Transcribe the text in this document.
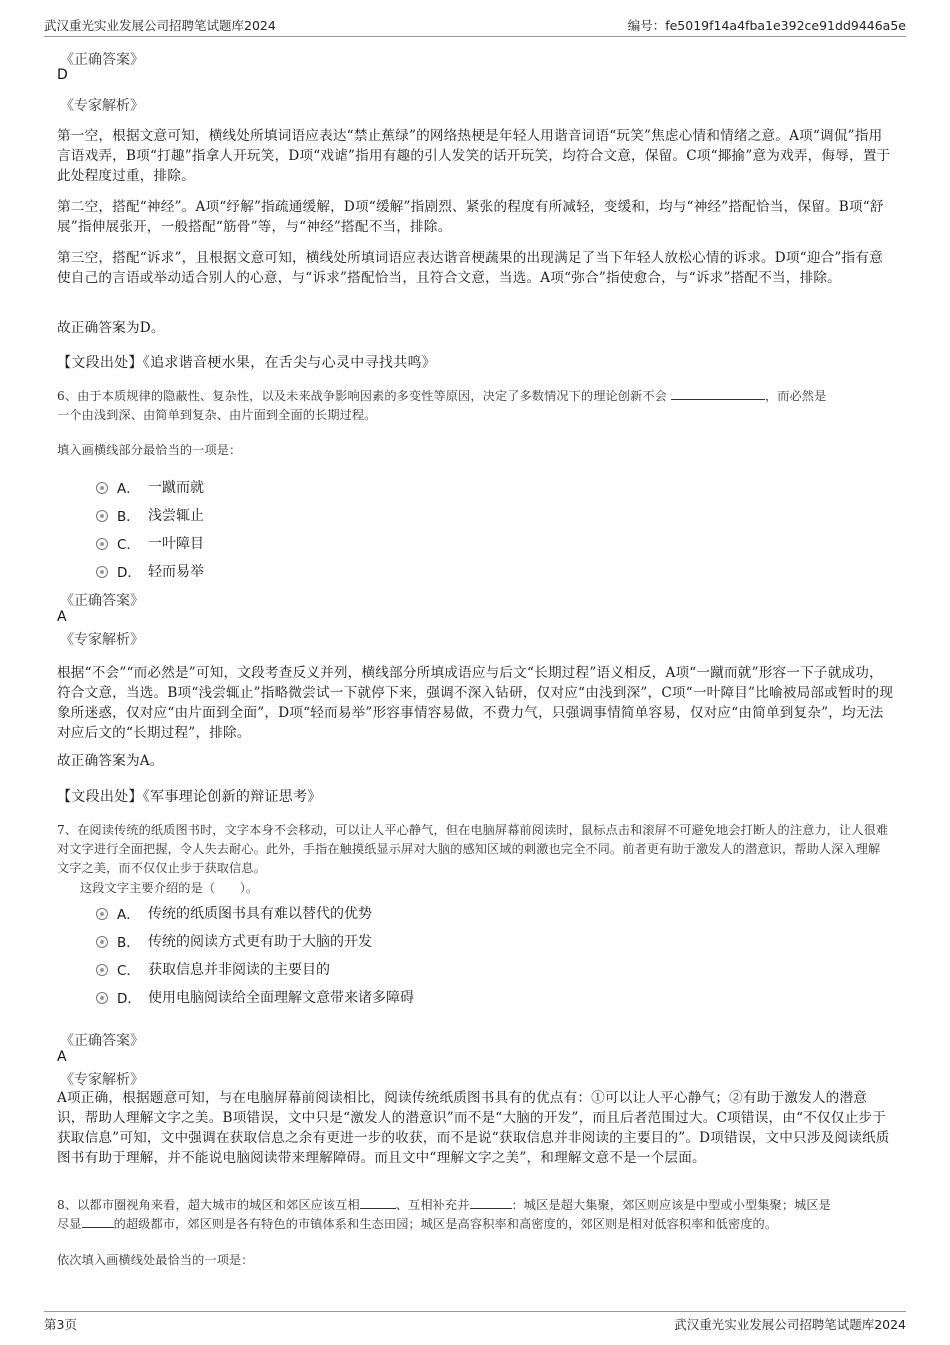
武汉重光实业发展公司招聘笔试题库2024	编号：fe5019f14a4fba1e392ce91dd9446a5e
《正确答案》
D
《专家解析》
第一空，根据文意可知，横线处所填词语应表达“禁止蕉绿”的网络热梗是年轻人用谐音词语“玩笑”焦虑心情和情绪之意。A项“调侃”指用言语戏弄，B项“打趣”指拿人开玩笑，D项“戏谑”指用有趣的引人发笑的话开玩笑，均符合文意，保留。C项“揶揄”意为戏弄，侮辱，置于此处程度过重，排除。
第二空，搭配“神经”。A项“纾解”指疏通缓解，D项“缓解”指剧烈、紧张的程度有所减轻，变缓和，均与“神经”搭配恰当，保留。B项“舒展”指伸展张开，一般搭配“筋骨”等，与“神经”搭配不当，排除。
第三空，搭配“诉求”，且根据文意可知，横线处所填词语应表达谐音梗蔬果的出现满足了当下年轻人放松心情的诉求。D项“迎合”指有意使自己的言语或举动适合别人的心意，与“诉求”搭配恰当，且符合文意，当选。A项“弥合”指使愈合，与“诉求”搭配不当，排除。
故正确答案为D。
【文段出处】《追求谐音梗水果，在舌尖与心灵中寻找共鸣》
6、由于本质规律的隐蔽性、复杂性，以及未来战争影响因素的多变性等原因，决定了多数情况下的理论创新不会	，而必然是
一个由浅到深、由简单到复杂、由片面到全面的长期过程。
填入画横线部分最恰当的一项是：
A． 一蹴而就
B． 浅尝辄止
C． 一叶障目
D． 轻而易举
《正确答案》
A
《专家解析》
根据“不会”“而必然是”可知，文段考查反义并列，横线部分所填成语应与后文“长期过程”语义相反，A项“一蹴而就”形容一下子就成功，符合文意，当选。B项“浅尝辄止”指略微尝试一下就停下来，强调不深入钻研，仅对应“由浅到深”，C项“一叶障目”比喻被局部或暂时的现象所迷惑，仅对应“由片面到全面”，D项“轻而易举”形容事情容易做，不费力气，只强调事情简单容易，仅对应“由简单到复杂”，均无法对应后文的“长期过程”，排除。
故正确答案为A。
【文段出处】《军事理论创新的辩证思考》
7、在阅读传统的纸质图书时，文字本身不会移动，可以让人平心静气，但在电脑屏幕前阅读时，鼠标点击和滚屏不可避免地会打断人的注意力，让人很难对文字进行全面把握，令人失去耐心。此外，手指在触摸纸显示屏对大脑的感知区域的刺激也完全不同。前者更有助于激发人的潜意识，帮助人深入理解文字之美，而不仅仅止步于获取信息。
这段文字主要介绍的是（　　）。
A． 传统的纸质图书具有难以替代的优势
B． 传统的阅读方式更有助于大脑的开发
C． 获取信息并非阅读的主要目的
D． 使用电脑阅读给全面理解文意带来诸多障碍
《正确答案》
A
《专家解析》
A项正确，根据题意可知，与在电脑屏幕前阅读相比，阅读传统纸质图书具有的优点有：①可以让人平心静气；②有助于激发人的潜意识，帮助人理解文字之美。B项错误，文中只是“激发人的潜意识”而不是“大脑的开发”，而且后者范围过大。C项错误，由“不仅仅止步于获取信息”可知，文中强调在获取信息之余有更进一步的收获，而不是说“获取信息并非阅读的主要目的”。D项错误，文中只涉及阅读纸质图书有助于理解，并不能说电脑阅读带来理解障碍。而且文中“理解文字之美”，和理解文意不是一个层面。
8、以都市圈视角来看，超大城市的城区和郊区应该互相	、互相补充并	：城区是超大集聚，郊区则应该是中型或小型集聚；城区是
尽显	的超级都市，郊区则是各有特色的市镇体系和生态田园；城区是高容积率和高密度的，郊区则是相对低容积率和低密度的。
依次填入画横线处最恰当的一项是：
第3页	武汉重光实业发展公司招聘笔试题库2024
